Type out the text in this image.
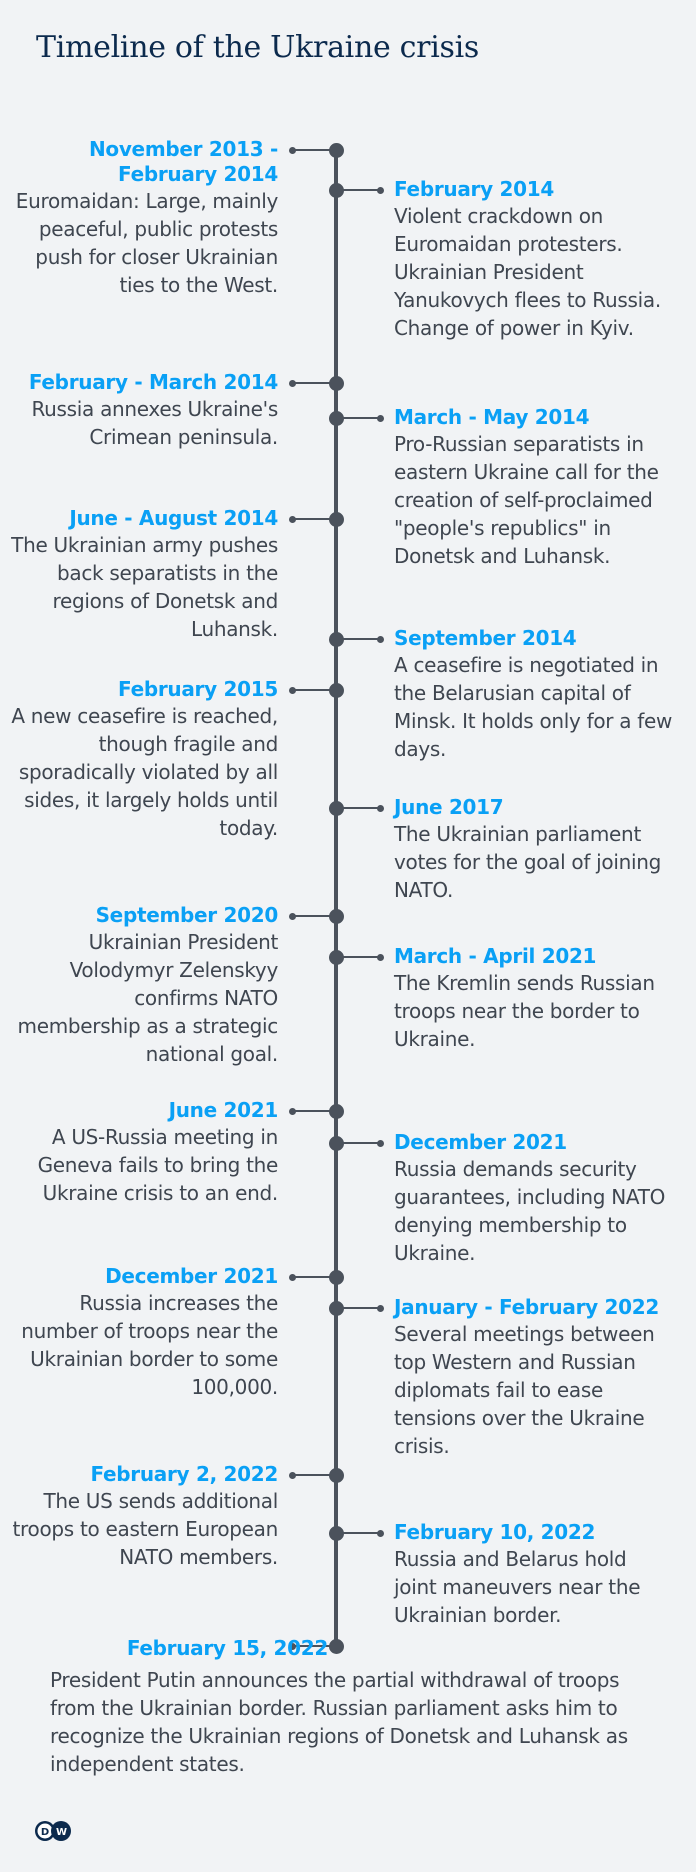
Timeline of the Ukraine crisis
November 2013 - February 2014
Euromaidan: Large, mainly peaceful, public protests push for closer Ukrainian ties to the West.
February - March 2014
Russia annexes Ukraine's Crimean peninsula.
June - August 2014
The Ukrainian army pushes back separatists in the regions of Donetsk and Luhansk.
February 2015
A new ceasefire is reached, though fragile and sporadically violated by all sides, it largely holds until today.
September 2020
Ukrainian President Volodymyr Zelenskyy confirms NATO membership as a strategic national goal.
June 2021
A US-Russia meeting in Geneva fails to bring the Ukraine crisis to an end.
December 2021
Russia increases the number of troops near the Ukrainian border to some 100,000.
February 2, 2022
The US sends additional troops to eastern European NATO members.
February 2014
Violent crackdown on Euromaidan protesters. Ukrainian President Yanukovych flees to Russia. Change of power in Kyiv.
March - May 2014
Pro-Russian separatists in eastern Ukraine call for the creation of self-proclaimed "people's republics" in Donetsk and Luhansk.
September 2014
A ceasefire is negotiated in the Belarusian capital of Minsk. It holds only for a few days.
June 2017
The Ukrainian parliament votes for the goal of joining NATO.
March - April 2021
The Kremlin sends Russian troops near the border to Ukraine.
December 2021
Russia demands security guarantees, including NATO denying membership to Ukraine.
January - February 2022
Several meetings between top Western and Russian diplomats fail to ease tensions over the Ukraine crisis.
February 10, 2022
Russia and Belarus hold joint maneuvers near the Ukrainian border.
February 15, 2022
President Putin announces the partial withdrawal of troops from the Ukrainian border. Russian parliament asks him to recognize the Ukrainian regions of Donetsk and Luhansk as independent states.
D W
